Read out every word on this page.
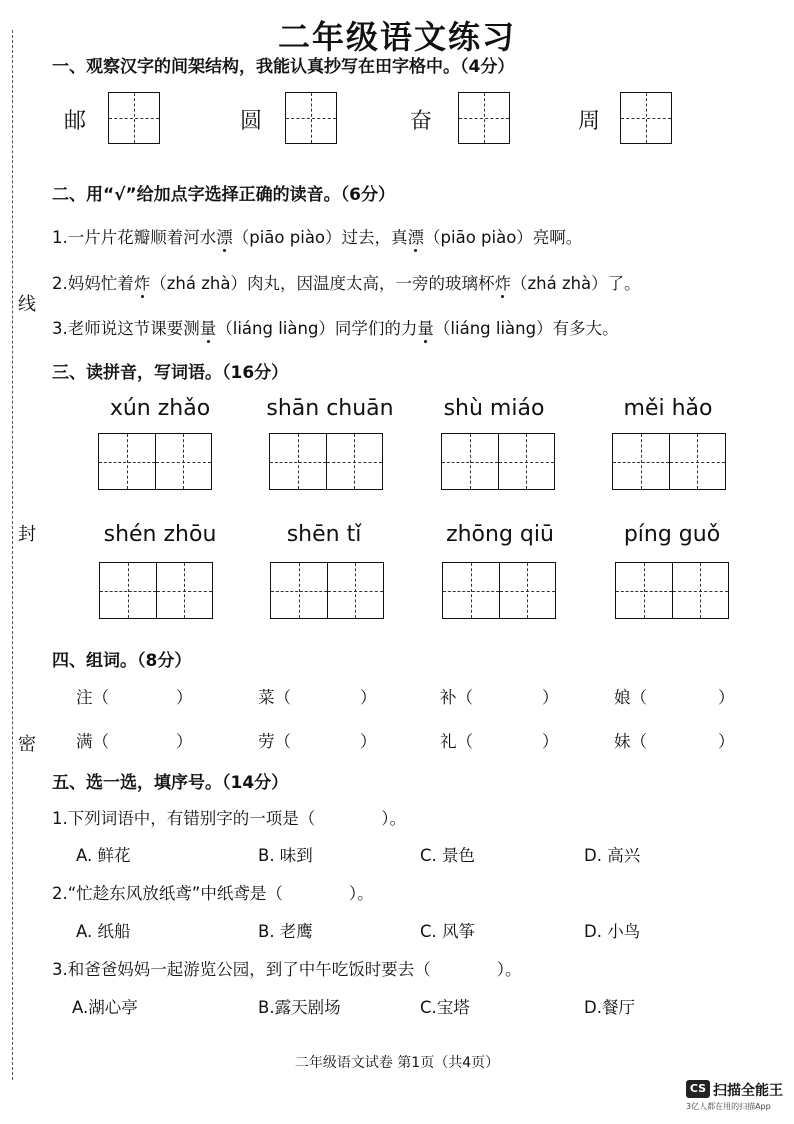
线
封
密
二年级语文练习
一、观察汉字的间架结构，我能认真抄写在田字格中。（4分）
邮	圆	奋	周
二、用“√”给加点字选择正确的读音。（6分）
1.一片片花瓣顺着河水漂（piāo piào）过去，真漂（piāo piào）亮啊。
2.妈妈忙着炸（zhá zhà）肉丸，因温度太高，一旁的玻璃杯炸（zhá zhà）了。
3.老师说这节课要测量（liáng liàng）同学们的力量（liáng liàng）有多大。
三、读拼音，写词语。（16分）
xún zhǎo	shān chuān	shù miáo	měi hǎo
shén zhōu	shēn tǐ	zhōng qiū	píng guǒ
四、组词。（8分）
注（	）	菜（	）	补（	）	娘（	）
满（	）	劳（	）	礼（	）	妹（	）
五、选一选，填序号。（14分）
1.下列词语中，有错别字的一项是（　　　　）。
A. 鲜花	B. 味到	C. 景色	D. 高兴
2.“忙趁东风放纸鸢”中纸鸢是（　　　　）。
A. 纸船	B. 老鹰	C. 风筝	D. 小鸟
3.和爸爸妈妈一起游览公园，到了中午吃饭时要去（　　　　）。
A.湖心亭	B.露天剧场	C.宝塔	D.餐厅
二年级语文试卷 第1页（共4页）
CS 扫描全能王
3亿人都在用的扫描App
